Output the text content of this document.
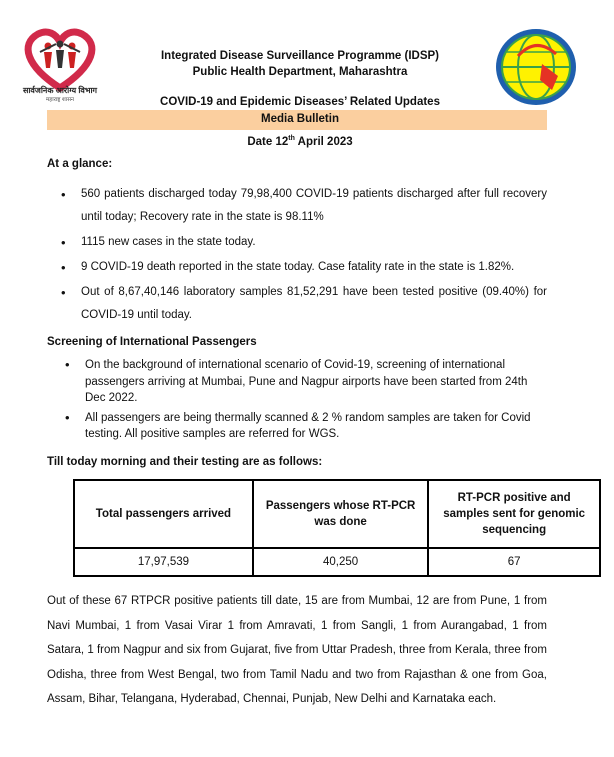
सार्वजनिक आरोग्य विभाग
महाराष्ट्र शासन
Integrated Disease Surveillance Programme (IDSP)
Public Health Department, Maharashtra
COVID-19 and Epidemic Diseases’ Related Updates
Media Bulletin
Date 12th April 2023
At a glance:
• 560 patients discharged today 79,98,400 COVID-19 patients discharged after full recovery until today; Recovery rate in the state is 98.11%
• 1115 new cases in the state today.
• 9 COVID-19 death reported in the state today. Case fatality rate in the state is 1.82%.
• Out of 8,67,40,146 laboratory samples 81,52,291 have been tested positive (09.40%) for COVID-19 until today.
Screening of International Passengers
• On the background of international scenario of Covid-19, screening of international passengers arriving at Mumbai, Pune and Nagpur airports have been started from 24th Dec 2022.
• All passengers are being thermally scanned & 2 % random samples are taken for Covid testing. All positive samples are referred for WGS.
Till today morning and their testing are as follows:
Total passengers arrived	Passengers whose RT-PCR was done	RT-PCR positive and samples sent for genomic sequencing
17,97,539	40,250	67
Out of these 67 RTPCR positive patients till date, 15 are from Mumbai, 12 are from Pune, 1 from Navi Mumbai, 1 from Vasai Virar 1 from Amravati, 1 from Sangli, 1 from Aurangabad, 1 from Satara, 1 from Nagpur and six from Gujarat, five from Uttar Pradesh, three from Kerala, three from Odisha, three from West Bengal, two from Tamil Nadu and two from Rajasthan & one from Goa, Assam, Bihar, Telangana, Hyderabad, Chennai, Punjab, New Delhi and Karnataka each.
